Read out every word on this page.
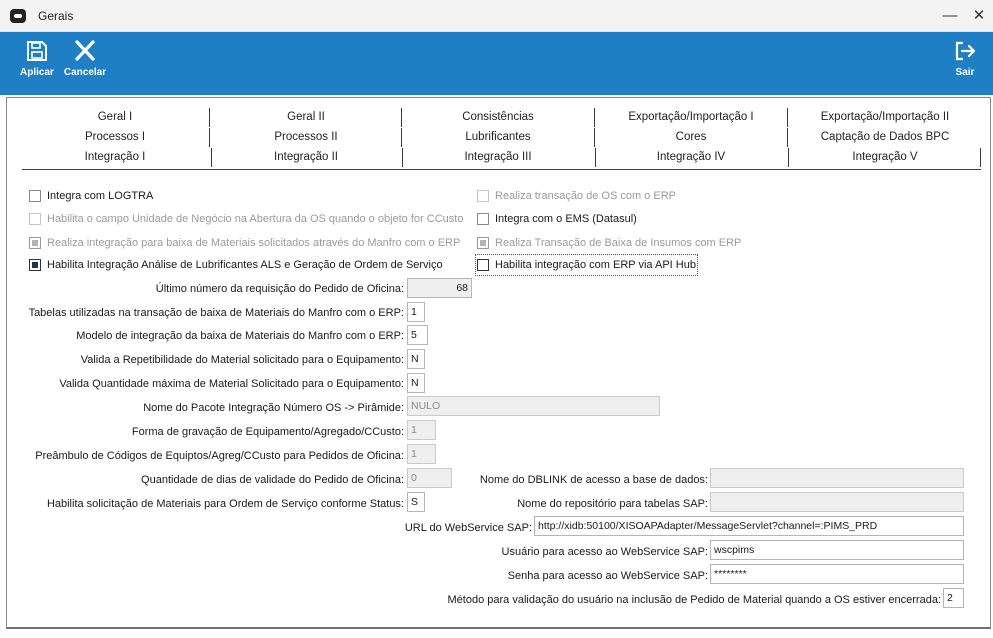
Gerais	—	✕
Aplicar Cancelar	Sair
Geral I	Geral II	Consistências	Exportação/Importação I	Exportação/Importação II
Processos I	Processos II	Lubrificantes	Cores	Captação de Dados BPC
Integração I	Integração II	Integração III	Integração IV	Integração V
Integra com LOGTRA
Habilita o campo Unidade de Negócio na Abertura da OS quando o objeto for CCusto
Realiza integração para baixa de Materiais solicitados através do Manfro com o ERP
Habilita Integração Análise de Lubrificantes ALS e Geração de Ordem de Serviço
Realiza transação de OS com o ERP
Integra com o EMS (Datasul)
Realiza Transação de Baixa de Insumos com ERP
Habilita integração com ERP via API Hub
Último número da requisição do Pedido de Oficina:
68
Tabelas utilizadas na transação de baixa de Materiais do Manfro com o ERP:
1
Modelo de integração da baixa de Materiais do Manfro com o ERP:
5
Valida a Repetibilidade do Material solicitado para o Equipamento:
N
Valida Quantidade máxima de Material Solicitado para o Equipamento:
N
Nome do Pacote Integração Número OS -> Pirâmide:
NULO
Forma de gravação de Equipamento/Agregado/CCusto:
1
Preâmbulo de Códigos de Equiptos/Agreg/CCusto para Pedidos de Oficina:
1
Quantidade de dias de validade do Pedido de Oficina:
0
Habilita solicitação de Materiais para Ordem de Serviço conforme Status:
S
Nome do DBLINK de acesso a base de dados:
Nome do repositório para tabelas SAP:
URL do WebService SAP:
http://xidb:50100/XISOAPAdapter/MessageServlet?channel=:PIMS_PRD
Usuário para acesso ao WebService SAP:
wscpims
Senha para acesso ao WebService SAP:
********
Método para validação do usuário na inclusão de Pedido de Material quando a OS estiver encerrada:
2
